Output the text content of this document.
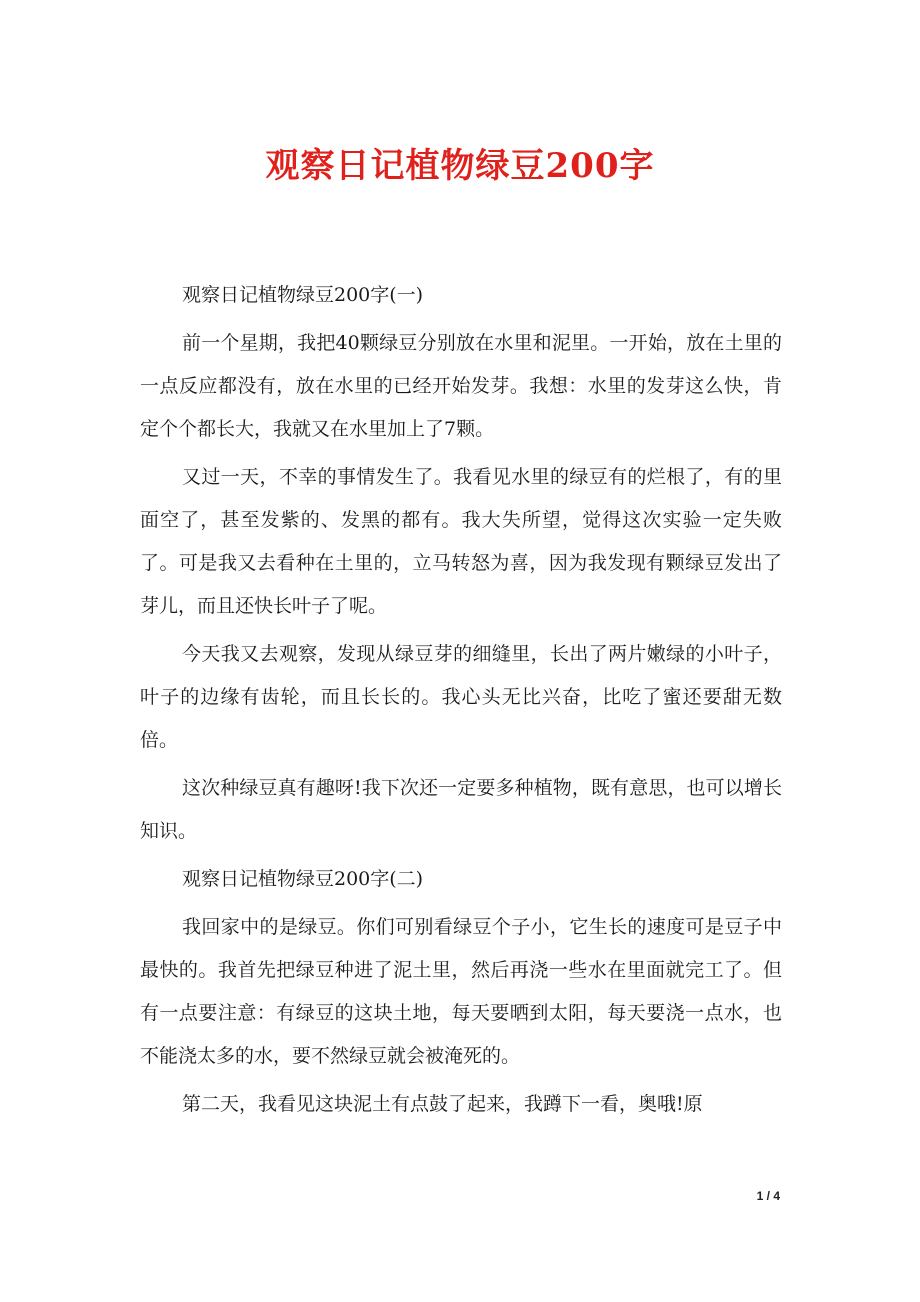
观察日记植物绿豆200字

观察日记植物绿豆200字(一)

前一个星期，我把40颗绿豆分别放在水里和泥里。一开始，放在土里的一点反应都没有，放在水里的已经开始发芽。我想：水里的发芽这么快，肯定个个都长大，我就又在水里加上了7颗。

又过一天，不幸的事情发生了。我看见水里的绿豆有的烂根了，有的里面空了，甚至发紫的、发黑的都有。我大失所望，觉得这次实验一定失败了。可是我又去看种在土里的，立马转怒为喜，因为我发现有颗绿豆发出了芽儿，而且还快长叶子了呢。

今天我又去观察，发现从绿豆芽的细缝里，长出了两片嫩绿的小叶子，叶子的边缘有齿轮，而且长长的。我心头无比兴奋，比吃了蜜还要甜无数倍。

这次种绿豆真有趣呀!我下次还一定要多种植物，既有意思，也可以增长知识。

观察日记植物绿豆200字(二)

我回家中的是绿豆。你们可别看绿豆个子小，它生长的速度可是豆子中最快的。我首先把绿豆种进了泥土里，然后再浇一些水在里面就完工了。但有一点要注意：有绿豆的这块土地，每天要晒到太阳，每天要浇一点水，也不能浇太多的水，要不然绿豆就会被淹死的。

第二天，我看见这块泥土有点鼓了起来，我蹲下一看，奥哦!原

1 / 4
